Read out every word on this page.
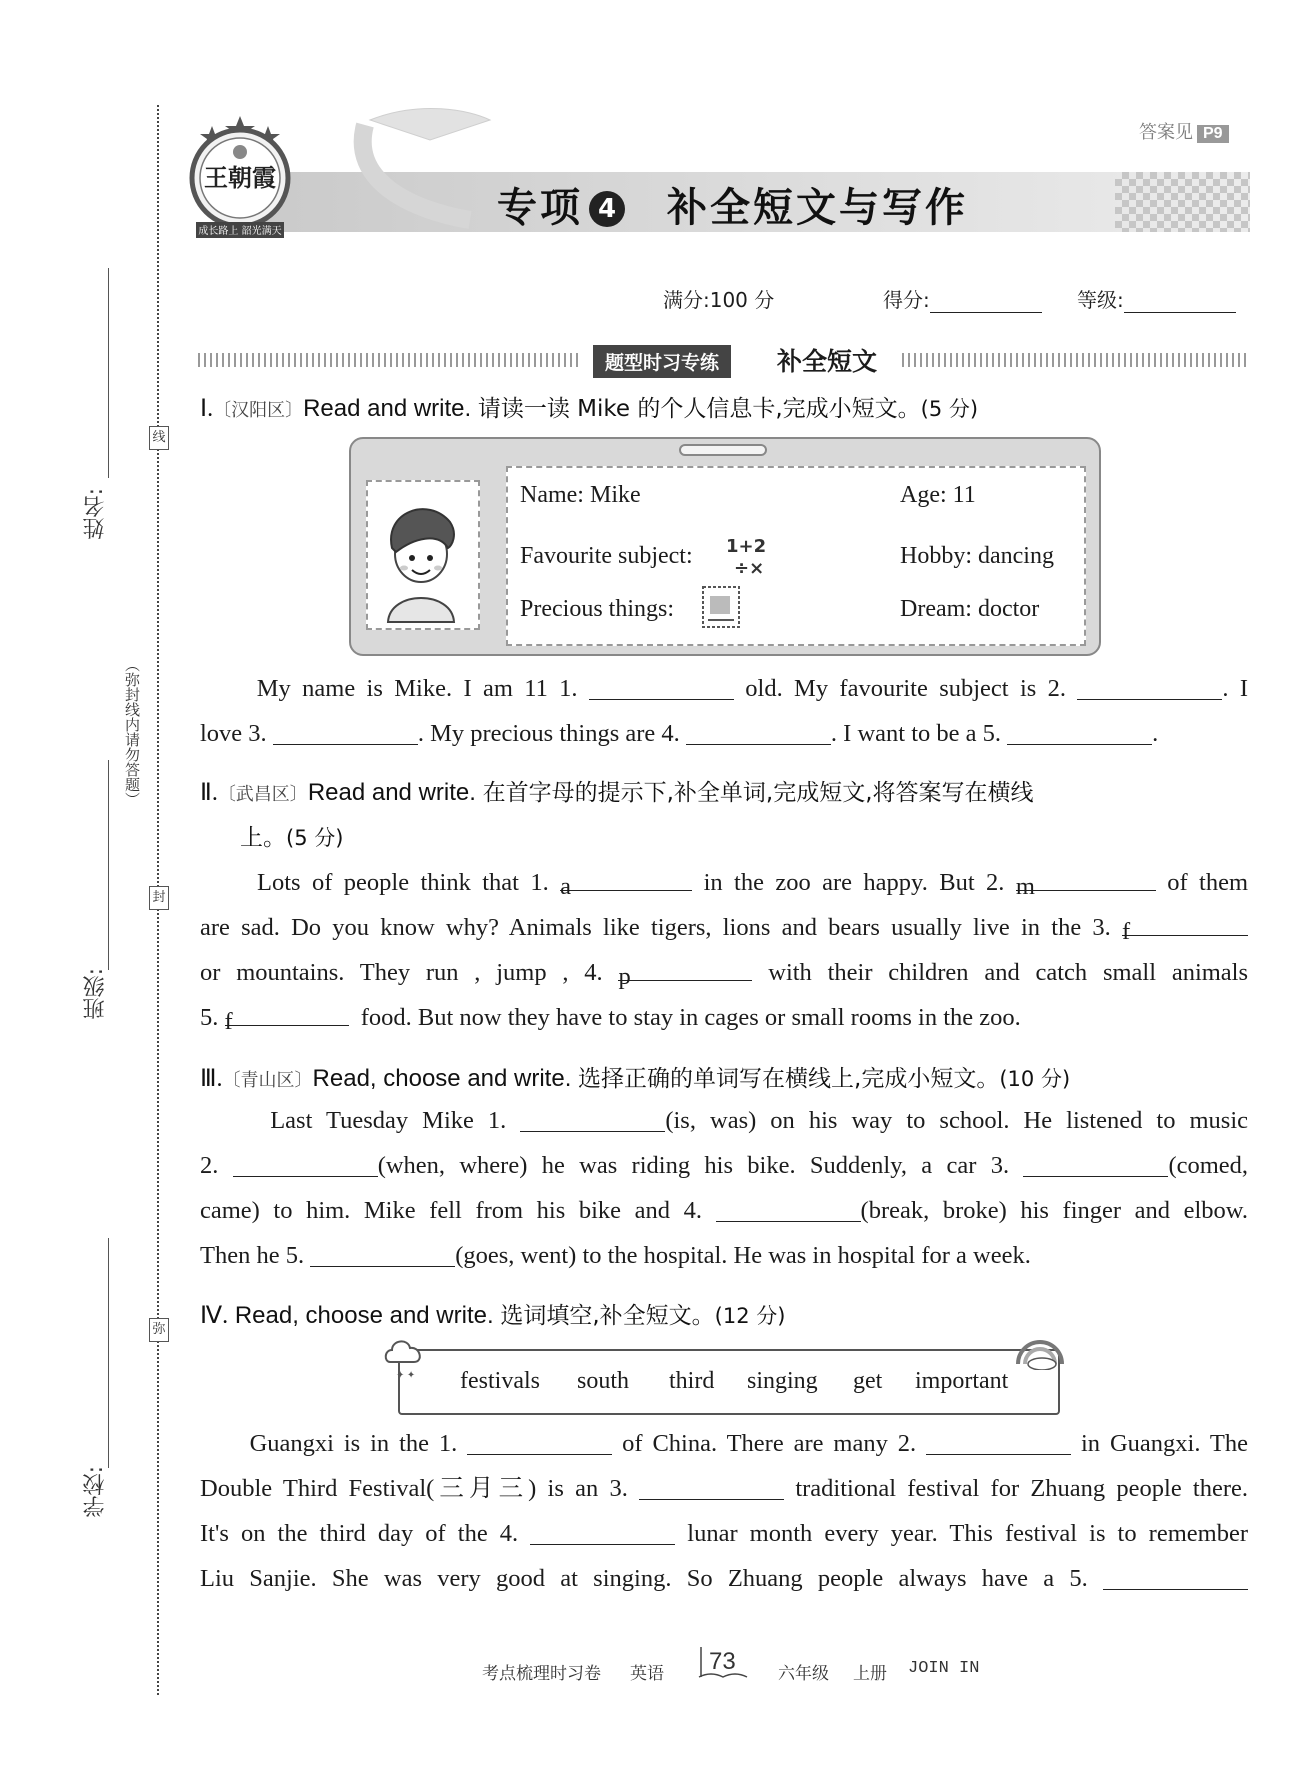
线
封
弥
（弥封线内请勿答题）
姓名:
班级:
学校:
王朝霞
成长路上 韶光满天
答案见 P9
专项 4 补全短文与写作
满分:100 分	得分:	等级:
题型时习专练	补全短文
Ⅰ.〔汉阳区〕Read and write. 请读一读 Mike 的个人信息卡,完成小短文。(5 分)
Name: Mike	Age: 11
Favourite subject: 1+2
÷×	Hobby: dancing
Precious things:	Dream: doctor

My name is Mike. I am 11 1.	old. My favourite subject is 2.	. I

love 3.	. My precious things are 4.	. I want to be a 5.	.

Ⅱ.〔武昌区〕Read and write. 在首字母的提示下,补全单词,完成短文,将答案写在横线
上。(5 分)

Lots of people think that 1. a	in the zoo are happy. But 2. m	of them

are sad. Do you know why? Animals like tigers, lions and bears usually live in the 3. f

or mountains. They run , jump , 4. p	with their children and catch small animals

5. f	food. But now they have to stay in cages or small rooms in the zoo.

Ⅲ.〔青山区〕Read, choose and write. 选择正确的单词写在横线上,完成小短文。(10 分)

Last Tuesday Mike 1.	(is, was) on his way to school. He listened to music

2.	(when, where) he was riding his bike. Suddenly, a car 3.	(comed,

came) to him. Mike fell from his bike and 4.	(break, broke) his finger and elbow.

Then he 5.	(goes, went) to the hospital. He was in hospital for a week.

Ⅳ. Read, choose and write. 选词填空,补全短文。(12 分)
✦ ✦ festivals south third singing get important

Guangxi is in the 1.	of China. There are many 2.	in Guangxi. The

Double Third Festival(三月三) is an 3.	traditional festival for Zhuang people there.

It's on the third day of the 4.	lunar month every year. This festival is to remember

Liu Sanjie. She was very good at singing. So Zhuang people always have a 5.

考点梳理时习卷 英语 73 六年级 上册 JOIN IN
